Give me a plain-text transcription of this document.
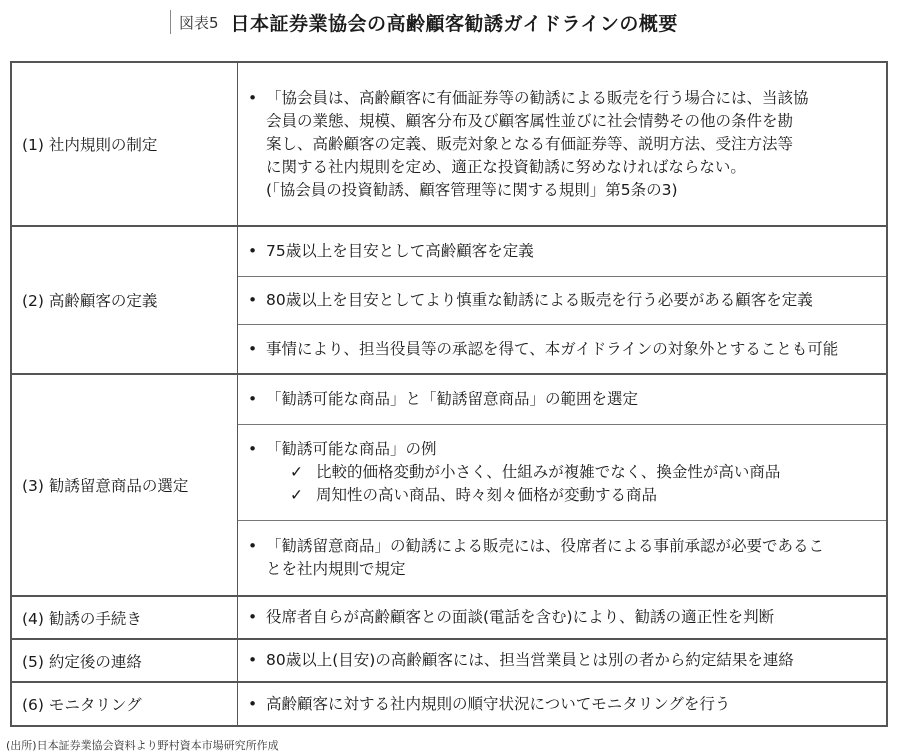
図表5 日本証券業協会の高齢顧客勧誘ガイドラインの概要
(1) 社内規則の制定
• 「協会員は、高齢顧客に有価証券等の勧誘による販売を行う場合には、当該協
会員の業態、規模、顧客分布及び顧客属性並びに社会情勢その他の条件を勘
案し、高齢顧客の定義、販売対象となる有価証券等、説明方法、受注方法等
に関する社内規則を定め、適正な投資勧誘に努めなければならない。
(「協会員の投資勧誘、顧客管理等に関する規則」第5条の3)
(2) 高齢顧客の定義
• 75歳以上を目安として高齢顧客を定義
• 80歳以上を目安としてより慎重な勧誘による販売を行う必要がある顧客を定義
• 事情により、担当役員等の承認を得て、本ガイドラインの対象外とすることも可能
(3) 勧誘留意商品の選定
• 「勧誘可能な商品」と「勧誘留意商品」の範囲を選定
• 「勧誘可能な商品」の例
✓ 比較的価格変動が小さく、仕組みが複雑でなく、換金性が高い商品
✓ 周知性の高い商品、時々刻々価格が変動する商品
• 「勧誘留意商品」の勧誘による販売には、役席者による事前承認が必要であるこ
とを社内規則で規定
(4) 勧誘の手続き	• 役席者自らが高齢顧客との面談(電話を含む)により、勧誘の適正性を判断
(5) 約定後の連絡	• 80歳以上(目安)の高齢顧客には、担当営業員とは別の者から約定結果を連絡
(6) モニタリング	• 高齢顧客に対する社内規則の順守状況についてモニタリングを行う
(出所)日本証券業協会資料より野村資本市場研究所作成
